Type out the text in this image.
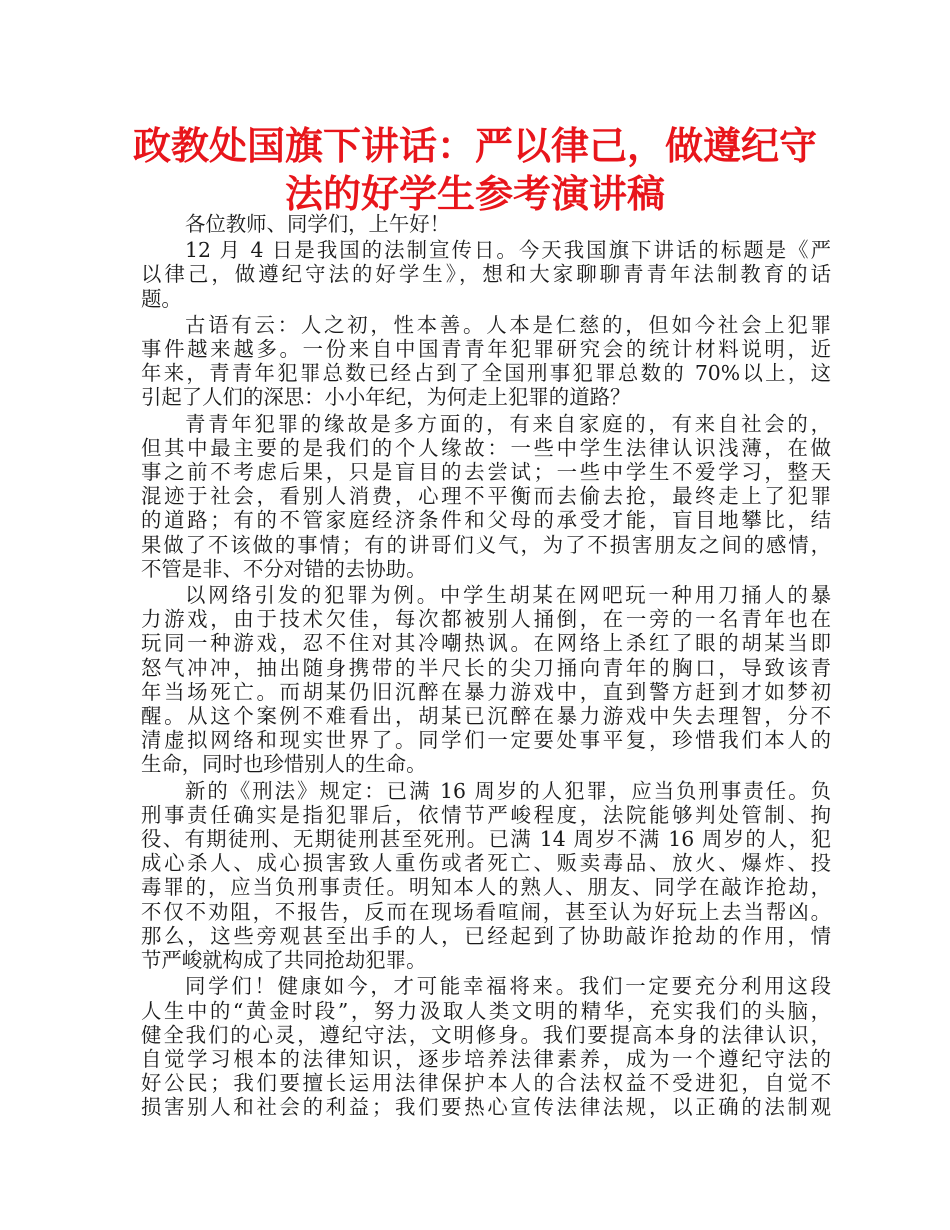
政教处国旗下讲话：严以律己，做遵纪守
法的好学生参考演讲稿

各位教师、同学们，上午好！

12 月 4 日是我国的法制宣传日。今天我国旗下讲话的标题是《严
以律己，做遵纪守法的好学生》，想和大家聊聊青青年法制教育的话
题。

古语有云：人之初，性本善。人本是仁慈的，但如今社会上犯罪
事件越来越多。一份来自中国青青年犯罪研究会的统计材料说明，近
年来，青青年犯罪总数已经占到了全国刑事犯罪总数的 70%以上，这
引起了人们的深思：小小年纪，为何走上犯罪的道路？

青青年犯罪的缘故是多方面的，有来自家庭的，有来自社会的，
但其中最主要的是我们的个人缘故：一些中学生法律认识浅薄，在做
事之前不考虑后果，只是盲目的去尝试；一些中学生不爱学习，整天
混迹于社会，看别人消费，心理不平衡而去偷去抢，最终走上了犯罪
的道路；有的不管家庭经济条件和父母的承受才能，盲目地攀比，结
果做了不该做的事情；有的讲哥们义气，为了不损害朋友之间的感情，
不管是非、不分对错的去协助。

以网络引发的犯罪为例。中学生胡某在网吧玩一种用刀捅人的暴
力游戏，由于技术欠佳，每次都被别人捅倒，在一旁的一名青年也在
玩同一种游戏，忍不住对其冷嘲热讽。在网络上杀红了眼的胡某当即
怒气冲冲，抽出随身携带的半尺长的尖刀捅向青年的胸口，导致该青
年当场死亡。而胡某仍旧沉醉在暴力游戏中，直到警方赶到才如梦初
醒。从这个案例不难看出，胡某已沉醉在暴力游戏中失去理智，分不
清虚拟网络和现实世界了。同学们一定要处事平复，珍惜我们本人的
生命，同时也珍惜别人的生命。

新的《刑法》规定：已满 16 周岁的人犯罪，应当负刑事责任。负
刑事责任确实是指犯罪后，依情节严峻程度，法院能够判处管制、拘
役、有期徒刑、无期徒刑甚至死刑。已满 14 周岁不满 16 周岁的人，犯
成心杀人、成心损害致人重伤或者死亡、贩卖毒品、放火、爆炸、投
毒罪的，应当负刑事责任。明知本人的熟人、朋友、同学在敲诈抢劫，
不仅不劝阻，不报告，反而在现场看喧闹，甚至认为好玩上去当帮凶。
那么，这些旁观甚至出手的人，已经起到了协助敲诈抢劫的作用，情
节严峻就构成了共同抢劫犯罪。

同学们！健康如今，才可能幸福将来。我们一定要充分利用这段
人生中的“黄金时段”，努力汲取人类文明的精华，充实我们的头脑，
健全我们的心灵，遵纪守法，文明修身。我们要提高本身的法律认识，
自觉学习根本的法律知识，逐步培养法律素养，成为一个遵纪守法的
好公民；我们要擅长运用法律保护本人的合法权益不受进犯，自觉不
损害别人和社会的利益；我们要热心宣传法律法规，以正确的法制观
